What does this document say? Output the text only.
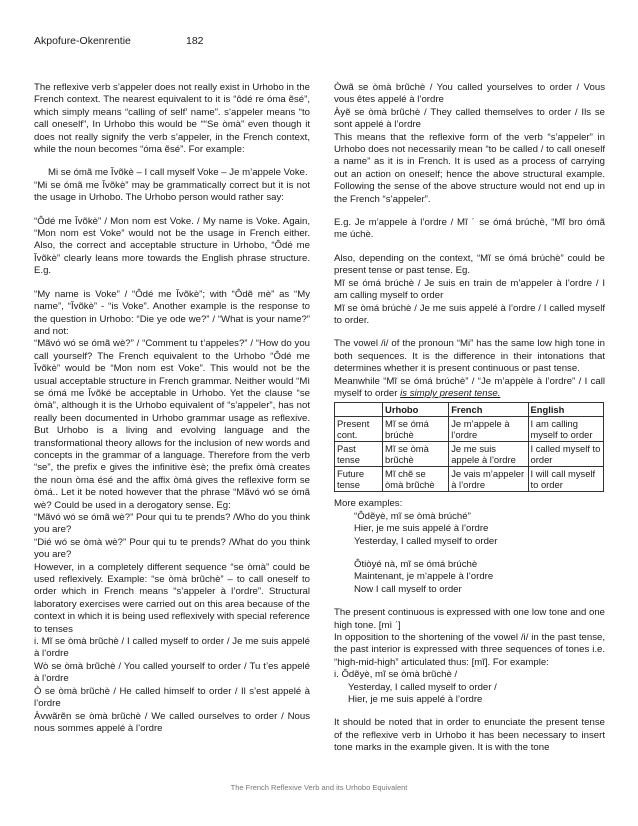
Akpofure-Okenrentie	182

The reflexive verb s’appeler does not really exist in Urhobo in the French context. The nearest equivalent to it is “ôdé re óma ẽsé”, which simply means “calling of self’ name”. s’appeler means “to call oneself”, In Urhobo this would be ““Se òmà” even though it does not really signify the verb s’appeler, in the French context, while the noun becomes “óma ẽsé”. For example:

Mi se ómã me Ĭvõkè – I call myself Voke – Je m’appele Voke.

“Mi se ómã me Ĭvõkè” may be grammatically correct but it is not the usage in Urhobo. The Urhobo person would rather say:

“Ôdé me Ĭvõkè” / Mon nom est Voke. / My name is Voke. Again, “Mon nom est Voke” would not be the usage in French either. Also, the correct and acceptable structure in Urhobo, “Ôdé me Ĭvõkè” clearly leans more towards the English phrase structure. E.g.

“My name is Voke” / “Ôdé me Ĭvõkè”; with “Ôdẽ mè” as “My name”, “Ĭvõkè” - “is Voke”. Another example is the response to the question in Urhobo: “Die ye ode we?” / “What is your name?” and not:

“Mãvó wó se ómã wè?” / “Comment tu t’appeles?” / “How do you call yourself? The French equivalent to the Urhobo “Ôdé me Ĭvõkè” would be “Mon nom est Voke”. This would not be the usual acceptable structure in French grammar. Neither would “Mì se ómá me Ĭvõké be acceptable in Urhobo. Yet the clause “se òmà”, although it is the Urhobo equivalent of “s’appeler”, has not really been documented in Urhobo grammar usage as reflexive. But Urhobo is a living and evolving language and the transformational theory allows for the inclusion of new words and concepts in the grammar of a language. Therefore from the verb “se”, the prefix e gives the infinitive èsè; the prefix òmà creates the noun òma ésé and the affix òmá gives the reflexive form se òmá.. Let it be noted however that the phrase “Mãvó wó se ómã wè? Could be used in a derogatory sense. Eg:

“Mãvó wó se ómã wè?” Pour qui tu te prends? /Who do you think you are?

“Dié wó se òmà wè?” Pour qui tu te prends? /What do you think you are?

However, in a completely different sequence “se òmà” could be used reflexively. Example: “se òmà brũchè” – to call oneself to order which in French means “s’appeler à l’ordre”. Structural laboratory exercises were carried out on this area because of the context in which it is being used reflexively with special reference to tenses

i. Mĩ se òmà brũchè / I called myself to order / Je me suis appelé à l’ordre

Wò se òmà brũchè / You called yourself to order / Tu t’es appelé à l’ordre

Ò se òmà brũchè / He called himself to order / Il s’est appelé à l’ordre

Àvwãrẽn se òmà brũchè / We called ourselves to order / Nous nous sommes appelé à l’ordre

Òwã se òmà brũchè / You called yourselves to order / Vous vous êtes appelé à l’ordre

Àyẽ se òmà brũchè / They called themselves to order / Ils se sont appelé à l’ordre

This means that the reflexive form of the verb “s’appeler” in Urhobo does not necessarily mean “to be called / to call oneself a name” as it is in French. It is used as a process of carrying out an action on oneself; hence the above structural example. Following the sense of the above structure would not end up in the French “s’appeler”.

E.g. Je m’appele à l’ordre / Mĩ ˊ se ómá brúchè, “Mĩ bro ómã me úchè.

Also, depending on the context, “Mĩ se ómá brúchè” could be present tense or past tense. Eg.

Mĩ se ómá brúchè / Je suis en train de m’appeler à l’ordre / I am calling myself to order

Mĩ se òmá brúchè / Je me suis appelé à l’ordre / I called myself to order.

The vowel /i/ of the pronoun “Mi” has the same low high tone in both sequences. It is the difference in their intonations that determines whether it is present continuous or past tense.

Meanwhile “Mĩ se ómá brúchè” / “Je m’appèle à l’ordre” / I call myself to order is simply present tense.

	Urhobo	French	English
Present cont.	Mĩ se ómá brúchè	Je m’appele à l’ordre	I am calling myself to order
Past tense	Mĩ se òmà brũchè	Je me suis appele à l’ordre	I called myself to order
Future tense	Mĩ chẽ se òmà brũchè	Je vais m’appeler à l’ordre	I will call myself to order

More examples:

“Ôdẽyè, mĩ se òmà brúché”

Hier, je me suis appelé à l’ordre

Yesterday, I called myself to order

Ôtiòyé nà, mĩ se ómá brúchè

Maintenant, je m’appele à l’ordre

Now I call myself to order

The present continuous is expressed with one low tone and one high tone. [mì ˊ]

In opposition to the shortening of the vowel /i/ in the past tense, the past interior is expressed with three sequences of tones i.e. “high-mid-high” articulated thus: [mĩ]. For example:

i. Ôdẽyè, mĩ se òmà brũchè /

Yesterday, I called myself to order /

Hier, je me suis appelé à l’ordre

It should be noted that in order to enunciate the present tense of the reflexive verb in Urhobo it has been necessary to insert tone marks in the example given. It is with the tone

The French Reflexive Verb and its Urhobo Equivalent
